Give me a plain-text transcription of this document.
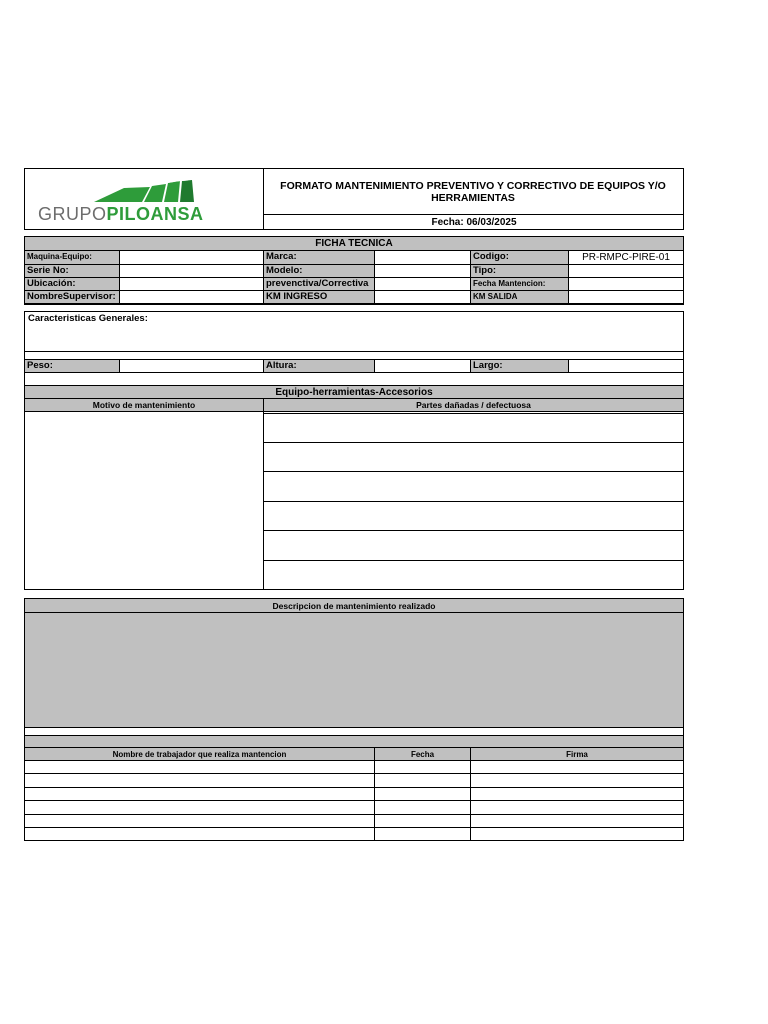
GRUPOPILOANSA
FORMATO MANTENIMIENTO PREVENTIVO Y CORRECTIVO DE EQUIPOS Y/O HERRAMIENTAS
Fecha: 06/03/2025
FICHA TECNICA
Maquina-Equipo:	Marca:	Codigo:	PR-RMPC-PIRE-01
Serie No:	Modelo:	Tipo:
Ubicación:	prevenctiva/Correctiva	Fecha Mantencion:
NombreSupervisor:	KM INGRESO	KM SALIDA
Caracteristicas Generales:
Peso:	Altura:	Largo:
Equipo-herramientas-Accesorios
Motivo de mantenimiento	Partes dañadas / defectuosa
Descripcion de mantenimiento realizado
Nombre de trabajador que realiza mantencion	Fecha	Firma
